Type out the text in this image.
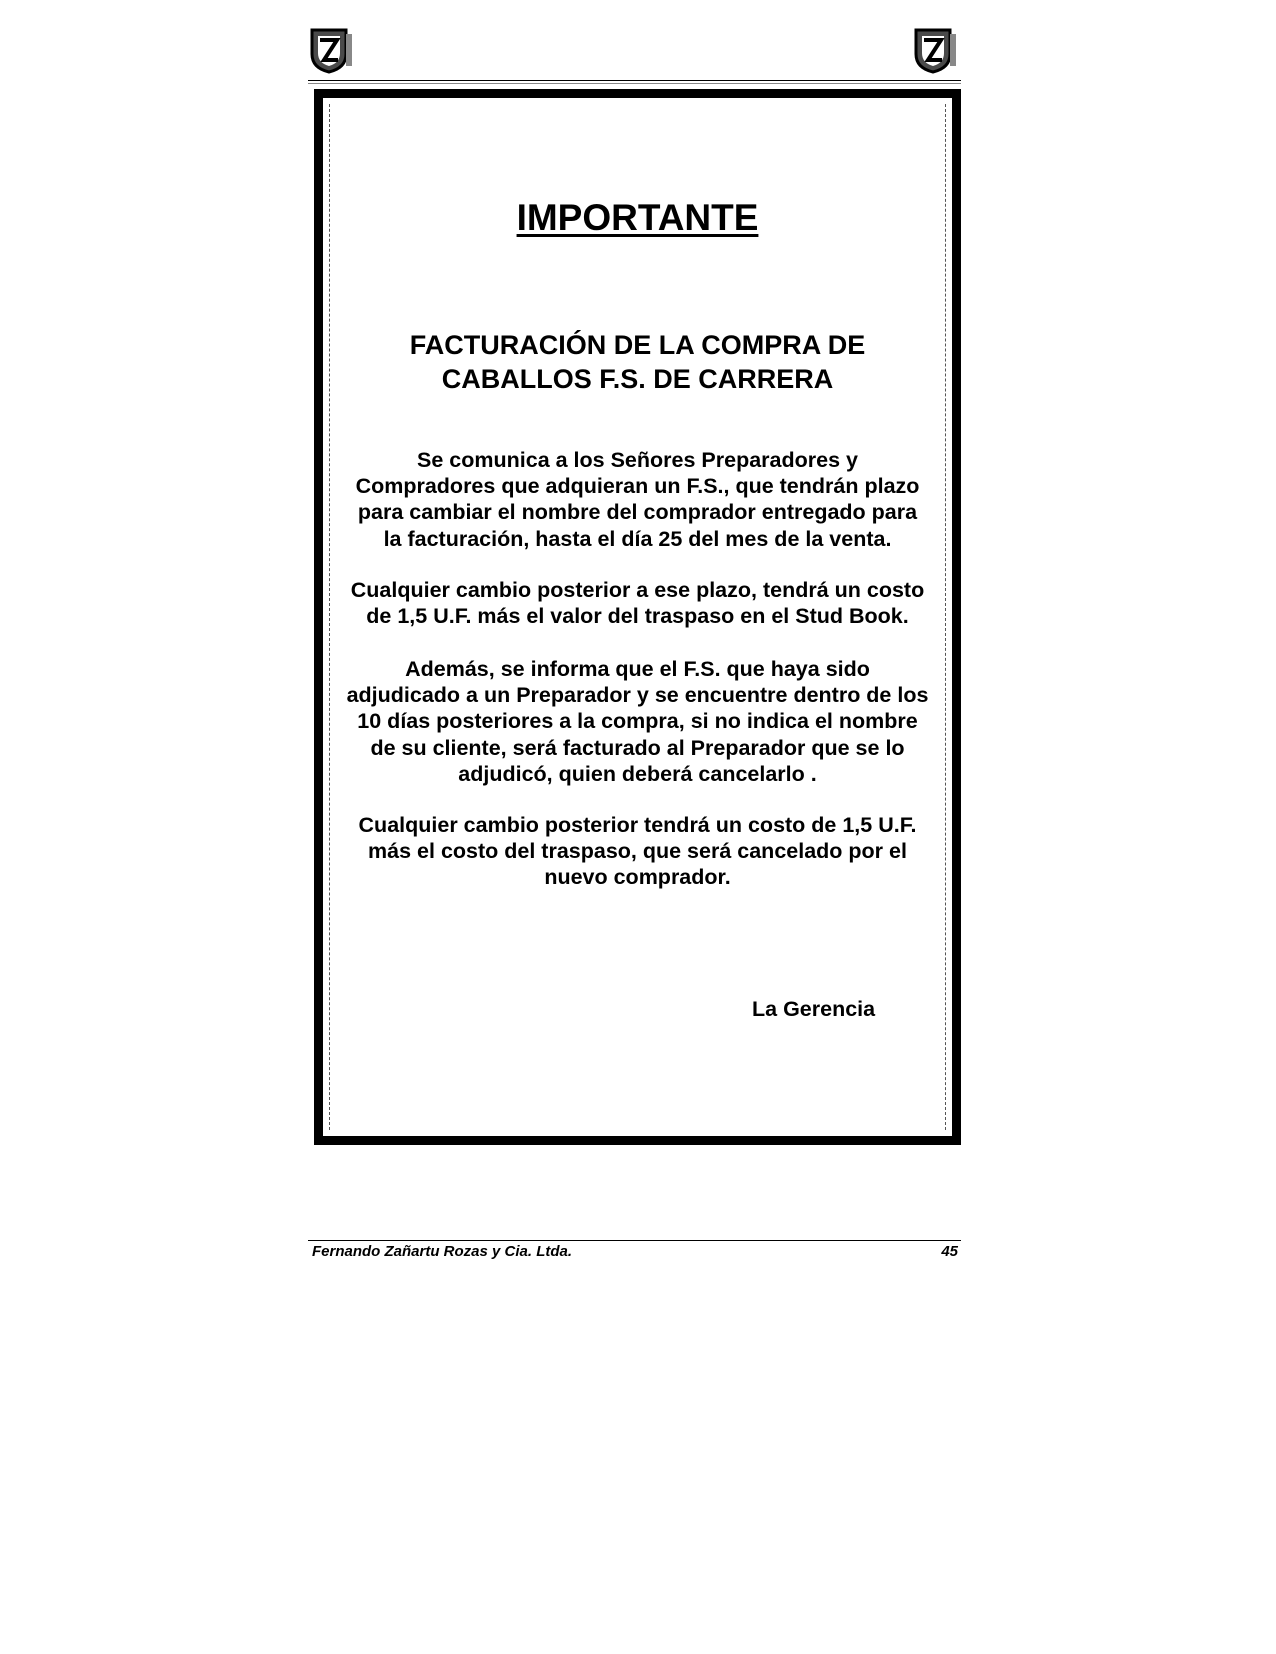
IMPORTANTE
FACTURACIÓN DE LA COMPRA DE
CABALLOS F.S. DE CARRERA
Se comunica a los Señores Preparadores y
Compradores que adquieran un F.S., que tendrán plazo
para cambiar el nombre del comprador entregado para
la facturación, hasta el día 25 del mes de la venta.
Cualquier cambio posterior a ese plazo, tendrá un costo
de 1,5 U.F. más el valor del traspaso en el Stud Book.
Además, se informa que el F.S. que haya sido
adjudicado a un Preparador y se encuentre dentro de los
10 días posteriores a la compra, si no indica el nombre
de su cliente, será facturado al Preparador que se lo
adjudicó, quien deberá cancelarlo .
Cualquier cambio posterior tendrá un costo de 1,5 U.F.
más el costo del traspaso, que será cancelado por el
nuevo comprador.
La Gerencia
Fernando Zañartu Rozas y Cia. Ltda.	45
